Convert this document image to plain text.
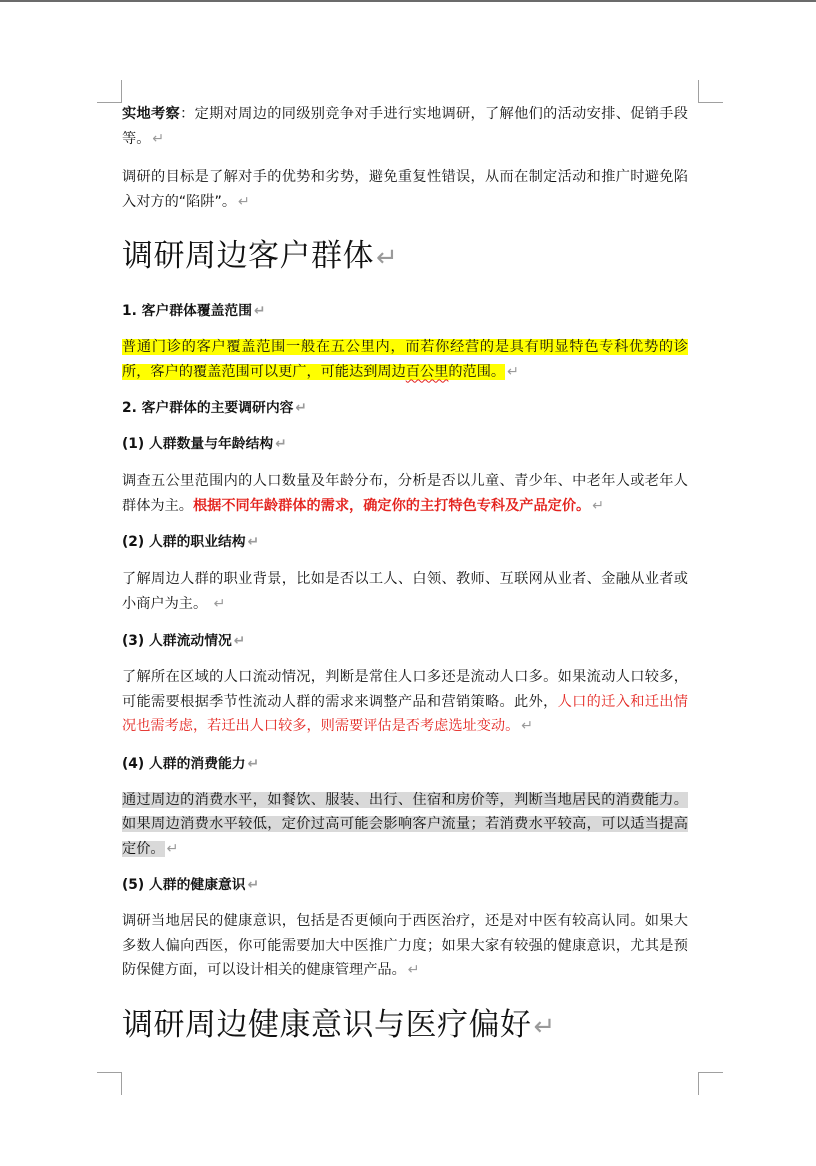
实地考察：定期对周边的同级别竞争对手进行实地调研，了解他们的活动安排、促销手段等。 ↵

调研的目标是了解对手的优势和劣势，避免重复性错误，从而在制定活动和推广时避免陷入对方的“陷阱”。 ↵

调研周边客户群体↵

1. 客户群体覆盖范围 ↵

普通门诊的客户覆盖范围一般在五公里内，而若你经营的是具有明显特色专科优势的诊所，客户的覆盖范围可以更广，可能达到周边百公里的范围。 ↵

2. 客户群体的主要调研内容 ↵

(1) 人群数量与年龄结构 ↵

调查五公里范围内的人口数量及年龄分布，分析是否以儿童、青少年、中老年人或老年人群体为主。根据不同年龄群体的需求，确定你的主打特色专科及产品定价。 ↵

(2) 人群的职业结构 ↵

了解周边人群的职业背景，比如是否以工人、白领、教师、互联网从业者、金融从业者或小商户为主。 ↵

(3) 人群流动情况 ↵

了解所在区域的人口流动情况，判断是常住人口多还是流动人口多。如果流动人口较多，可能需要根据季节性流动人群的需求来调整产品和营销策略。此外，人口的迁入和迁出情况也需考虑，若迁出人口较多，则需要评估是否考虑选址变动。 ↵

(4) 人群的消费能力 ↵

通过周边的消费水平，如餐饮、服装、出行、住宿和房价等，判断当地居民的消费能力。如果周边消费水平较低，定价过高可能会影响客户流量；若消费水平较高，可以适当提高定价。 ↵

(5) 人群的健康意识 ↵

调研当地居民的健康意识，包括是否更倾向于西医治疗，还是对中医有较高认同。如果大多数人偏向西医，你可能需要加大中医推广力度；如果大家有较强的健康意识，尤其是预防保健方面，可以设计相关的健康管理产品。 ↵

调研周边健康意识与医疗偏好↵
